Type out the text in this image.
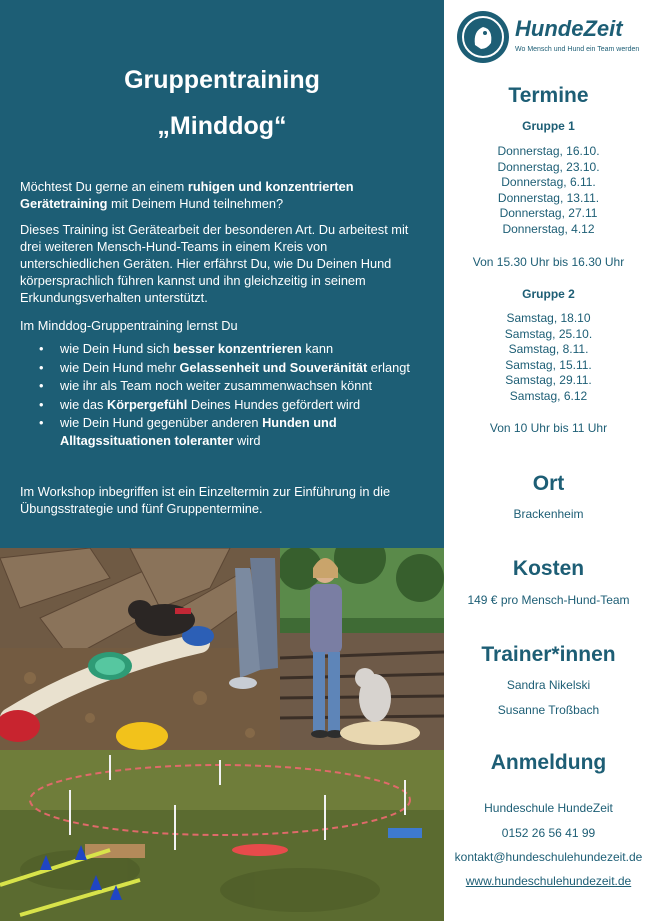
Gruppentraining
„Minddog“
Möchtest Du gerne an einem ruhigen und konzentrierten Gerätetraining mit Deinem Hund teilnehmen?
Dieses Training ist Gerätearbeit der besonderen Art. Du arbeitest mit drei weiteren Mensch-Hund-Teams in einem Kreis von unterschiedlichen Geräten. Hier erfährst Du, wie Du Deinen Hund körpersprachlich führen kannst und ihn gleichzeitig in seinem Erkundungsverhalten unterstützt.
Im Minddog-Gruppentraining lernst Du
• wie Dein Hund sich besser konzentrieren kann
• wie Dein Hund mehr Gelassenheit und Souveränität erlangt
• wie ihr als Team noch weiter zusammenwachsen könnt
• wie das Körpergefühl Deines Hundes gefördert wird
• wie Dein Hund gegenüber anderen Hunden und Alltagssituationen toleranter wird
Im Workshop inbegriffen ist ein Einzeltermin zur Einführung in die Übungsstrategie und fünf Gruppentermine.
HundeZeit
Wo Mensch und Hund ein Team werden
Termine
Gruppe 1
Donnerstag, 16.10.
Donnerstag, 23.10.
Donnerstag, 6.11.
Donnerstag, 13.11.
Donnerstag, 27.11
Donnerstag, 4.12
Von 15.30 Uhr bis 16.30 Uhr
Gruppe 2
Samstag, 18.10
Samstag, 25.10.
Samstag, 8.11.
Samstag, 15.11.
Samstag, 29.11.
Samstag, 6.12
Von 10 Uhr bis 11 Uhr
Ort
Brackenheim
Kosten
149 € pro Mensch-Hund-Team
Trainer*innen
Sandra Nikelski
Susanne Troßbach
Anmeldung
Hundeschule HundeZeit
0152 26 56 41 99
kontakt@hundeschulehundezeit.de
www.hundeschulehundezeit.de
